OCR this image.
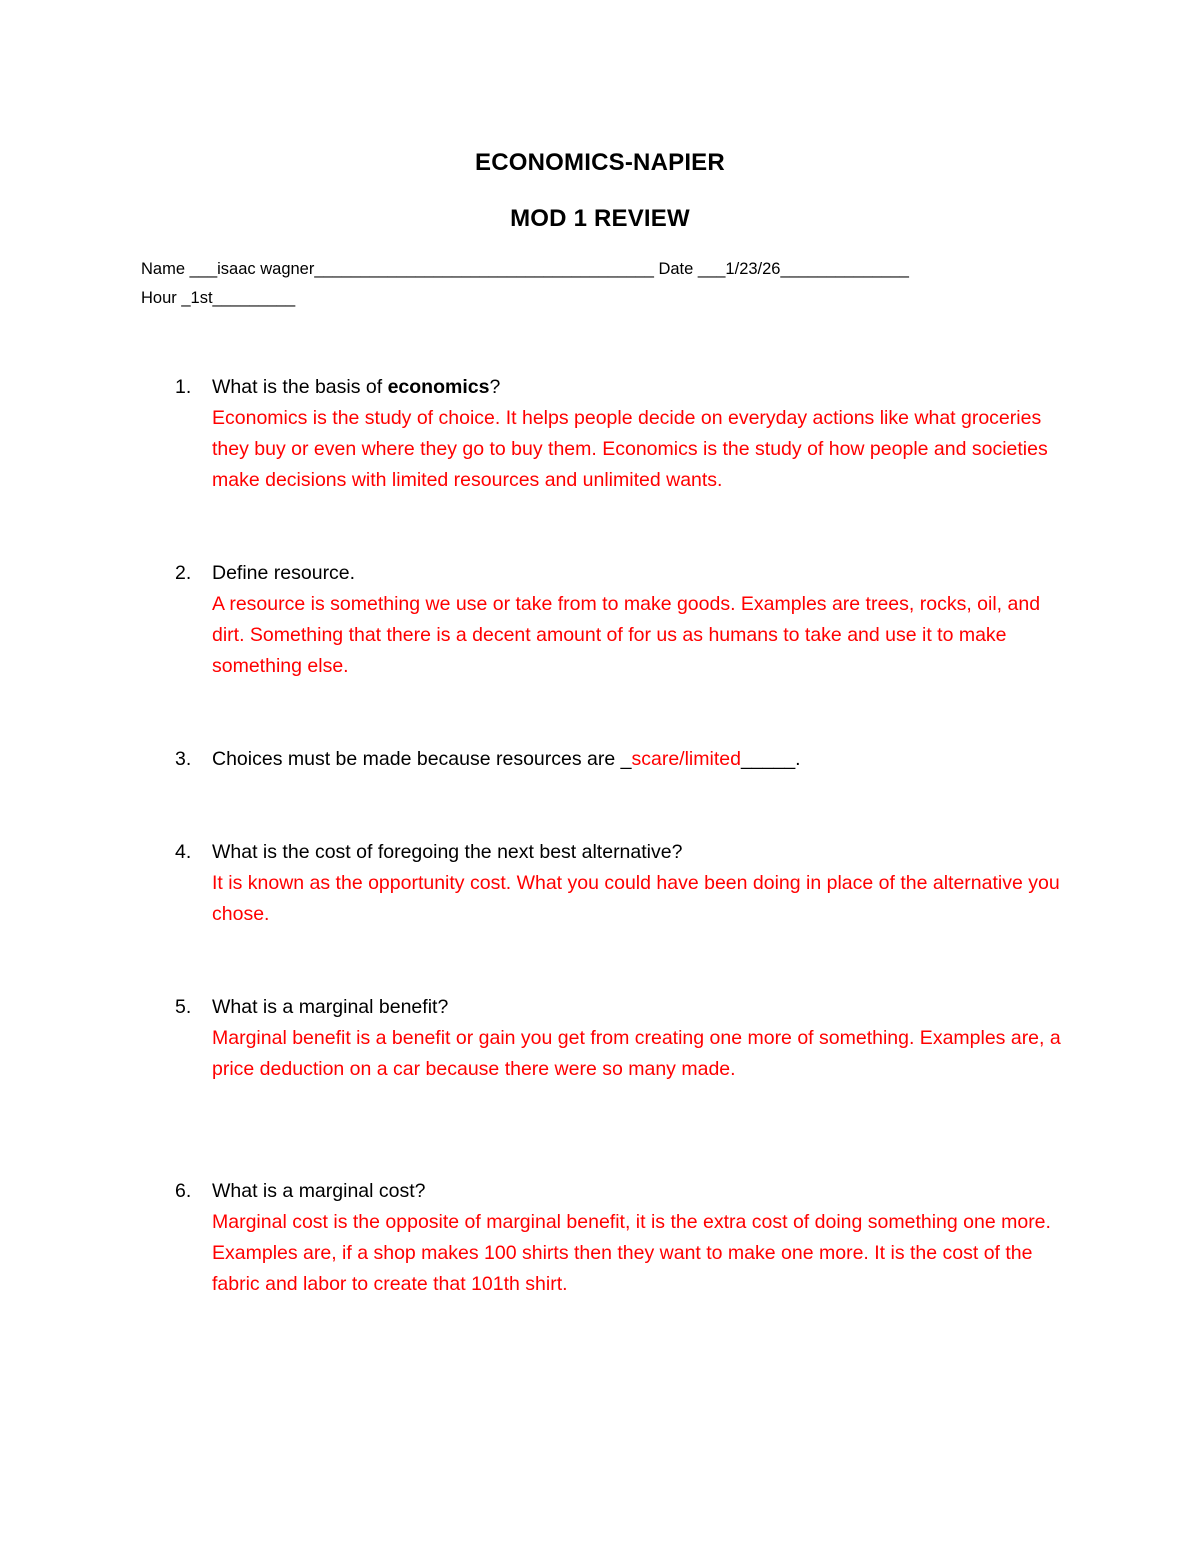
ECONOMICS-NAPIER
MOD 1 REVIEW
Name ___isaac wagner_____________________________________ Date ___1/23/26______________
Hour _1st_________
1.	What is the basis of economics?
Economics is the study of choice. It helps people decide on everyday actions like what groceries they buy or even where they go to buy them. Economics is the study of how people and societies make decisions with limited resources and unlimited wants.
2.	Define resource.
A resource is something we use or take from to make goods. Examples are trees, rocks, oil, and dirt. Something that there is a decent amount of for us as humans to take and use it to make something else.
3.	Choices must be made because resources are _scare/limited_____.
4.	What is the cost of foregoing the next best alternative?
It is known as the opportunity cost. What you could have been doing in place of the alternative you chose.
5.	What is a marginal benefit?
Marginal benefit is a benefit or gain you get from creating one more of something. Examples are, a price deduction on a car because there were so many made.
6.	What is a marginal cost?
Marginal cost is the opposite of marginal benefit, it is the extra cost of doing something one more. Examples are, if a shop makes 100 shirts then they want to make one more. It is the cost of the fabric and labor to create that 101th shirt.
